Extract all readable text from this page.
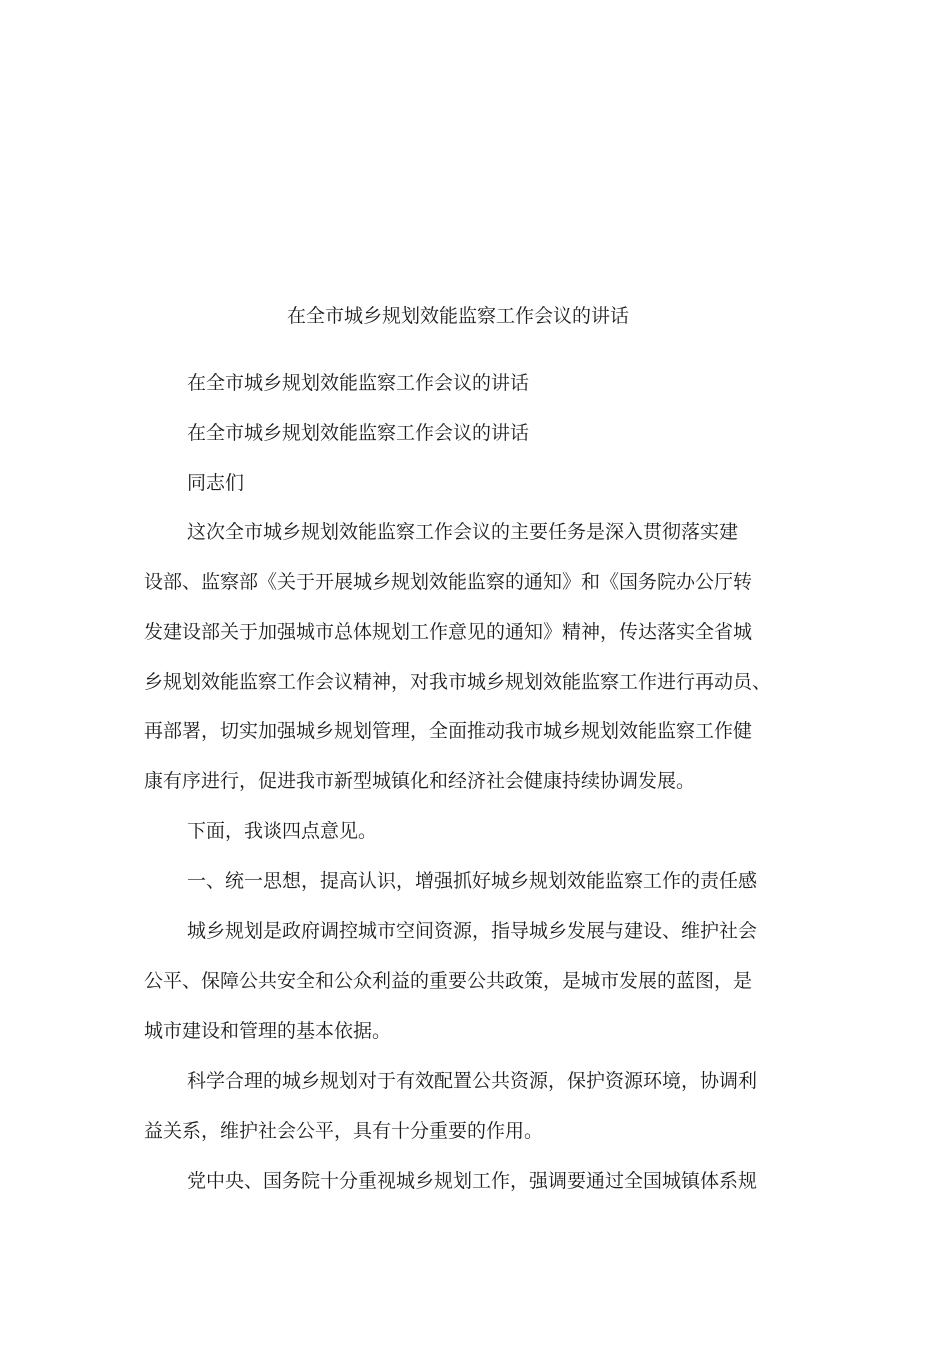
在全市城乡规划效能监察工作会议的讲话
在全市城乡规划效能监察工作会议的讲话
在全市城乡规划效能监察工作会议的讲话
同志们
这次全市城乡规划效能监察工作会议的主要任务是深入贯彻落实建
设部、监察部《关于开展城乡规划效能监察的通知》和《国务院办公厅转
发建设部关于加强城市总体规划工作意见的通知》精神，传达落实全省城
乡规划效能监察工作会议精神，对我市城乡规划效能监察工作进行再动员、
再部署，切实加强城乡规划管理，全面推动我市城乡规划效能监察工作健
康有序进行，促进我市新型城镇化和经济社会健康持续协调发展。
下面，我谈四点意见。
一、统一思想，提高认识，增强抓好城乡规划效能监察工作的责任感
城乡规划是政府调控城市空间资源，指导城乡发展与建设、维护社会
公平、保障公共安全和公众利益的重要公共政策，是城市发展的蓝图，是
城市建设和管理的基本依据。
科学合理的城乡规划对于有效配置公共资源，保护资源环境，协调利
益关系，维护社会公平，具有十分重要的作用。
党中央、国务院十分重视城乡规划工作，强调要通过全国城镇体系规
